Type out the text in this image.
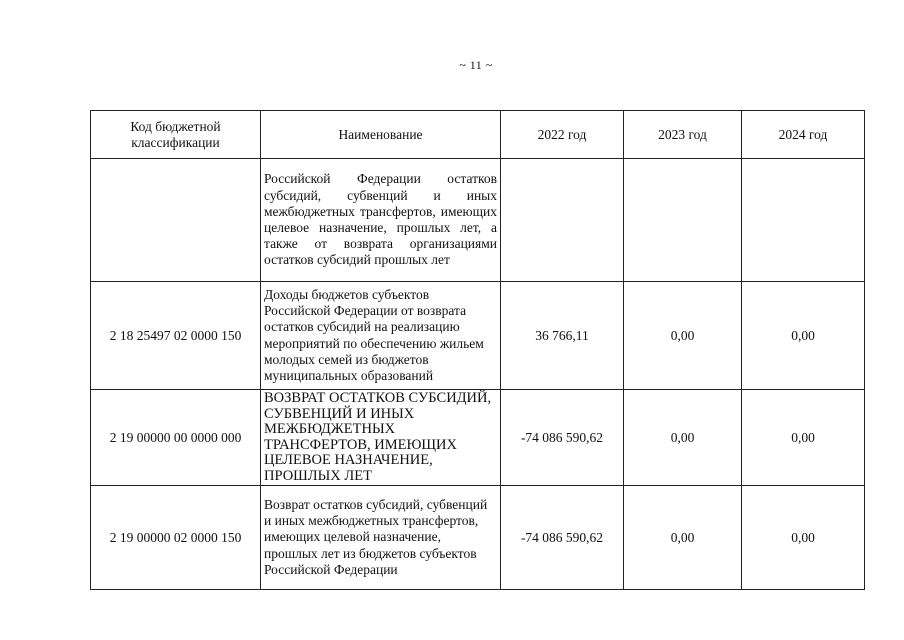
~ 11 ~
Код бюджетной классификации	Наименование	2022 год	2023 год	2024 год

	Российской Федерации остатков субсидий, субвенций и иных межбюджетных трансфертов, имеющих целевое назначение, прошлых лет, а также от возврата организациями остатков субсидий прошлых лет			

2 18 25497 02 0000 150	Доходы бюджетов субъектов Российской Федерации от возврата остатков субсидий на реализацию мероприятий по обеспечению жильем молодых семей из бюджетов муниципальных образований	36 766,11	0,00	0,00
2 19 00000 00 0000 000	ВОЗВРАТ ОСТАТКОВ СУБСИДИЙ, СУБВЕНЦИЙ И ИНЫХ МЕЖБЮДЖЕТНЫХ ТРАНСФЕРТОВ, ИМЕЮЩИХ ЦЕЛЕВОЕ НАЗНАЧЕНИЕ, ПРОШЛЫХ ЛЕТ	-74 086 590,62	0,00	0,00
2 19 00000 02 0000 150	Возврат остатков субсидий, субвенций и иных межбюджетных трансфертов, имеющих целевой назначение, прошлых лет из бюджетов субъектов Российской Федерации	-74 086 590,62	0,00	0,00
